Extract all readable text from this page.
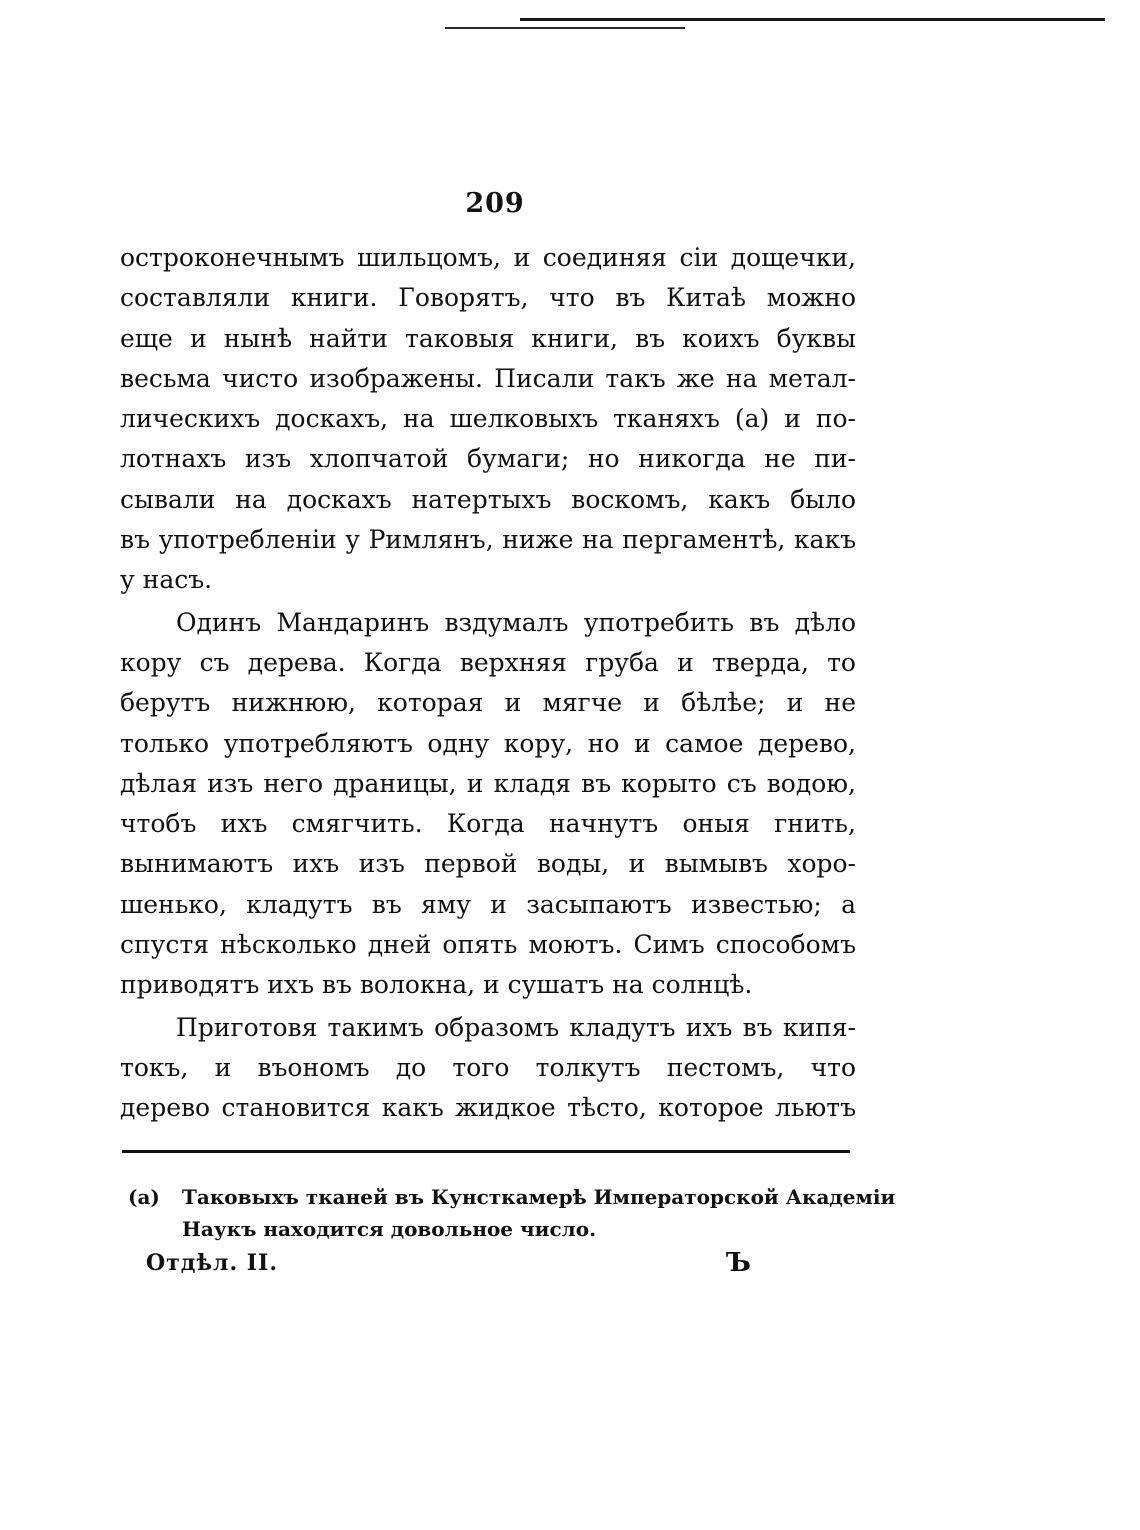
209
остроконечнымъ шильцомъ, и соединяя сіи дощечки,
составляли книги. Говорятъ, что въ Китаѣ можно
еще и нынѣ найти таковыя книги, въ коихъ буквы
весьма чисто изображены. Писали такъ же на метал-
лическихъ доскахъ, на шелковыхъ тканяхъ (а) и по-
лотнахъ изъ хлопчатой бумаги; но никогда не пи-
сывали на доскахъ натертыхъ воскомъ, какъ было
въ употребленіи у Римлянъ, ниже на пергаментѣ, какъ
у насъ.
Одинъ Мандаринъ вздумалъ употребить въ дѣло
кору съ дерева. Когда верхняя груба и тверда, то
берутъ нижнюю, которая и мягче и бѣлѣе; и не
только употребляютъ одну кору, но и самое дерево,
дѣлая изъ него драницы, и кладя въ корыто съ водою,
чтобъ ихъ смягчить. Когда начнутъ оныя гнить,
вынимаютъ ихъ изъ первой воды, и вымывъ хоро-
шенько, кладутъ въ яму и засыпаютъ известью; а
спустя нѣсколько дней опять моютъ. Симъ способомъ
приводятъ ихъ въ волокна, и сушатъ на солнцѣ.
Приготовя такимъ образомъ кладутъ ихъ въ кипя-
токъ, и въономъ до того толкутъ пестомъ, что
дерево становится какъ жидкое тѣсто, которое льютъ
(а) Таковыхъ тканей въ Кунсткамерѣ Императорской Академіи
Наукъ находится довольное число.
Отдѣл. II.	Ъ
